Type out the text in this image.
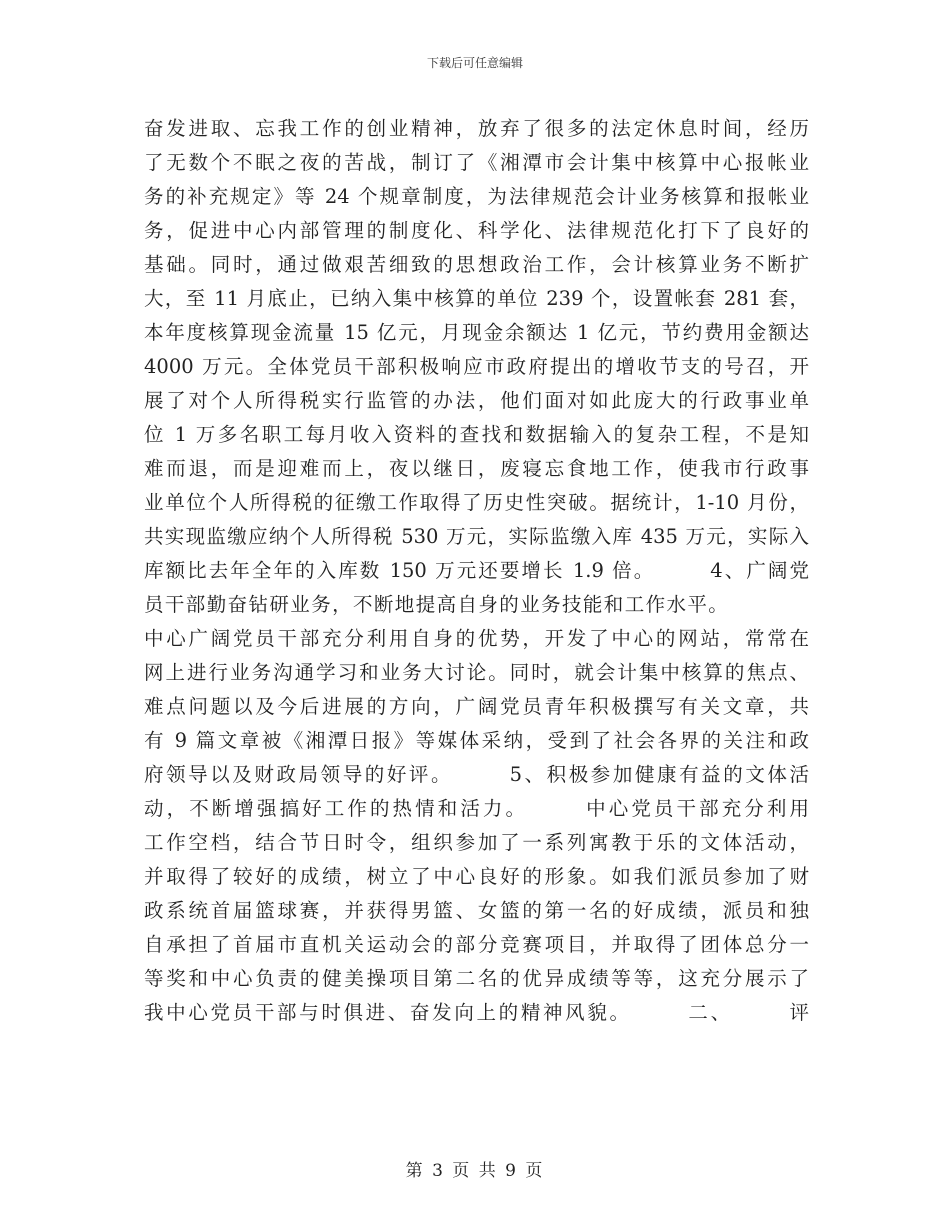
下载后可任意编辑
奋发进取、忘我工作的创业精神，放弃了很多的法定休息时间，经历
了无数个不眠之夜的苦战，制订了《湘潭市会计集中核算中心报帐业
务的补充规定》等 24 个规章制度，为法律规范会计业务核算和报帐业
务，促进中心内部管理的制度化、科学化、法律规范化打下了良好的
基础。同时，通过做艰苦细致的思想政治工作，会计核算业务不断扩
大，至 11 月底止，已纳入集中核算的单位 239 个，设置帐套 281 套，
本年度核算现金流量 15 亿元，月现金余额达 1 亿元，节约费用金额达
4000 万元。全体党员干部积极响应市政府提出的增收节支的号召，开
展了对个人所得税实行监管的办法，他们面对如此庞大的行政事业单
位 1 万多名职工每月收入资料的查找和数据输入的复杂工程，不是知
难而退，而是迎难而上，夜以继日，废寝忘食地工作，使我市行政事
业单位个人所得税的征缴工作取得了历史性突破。据统计，1-10 月份，
共实现监缴应纳个人所得税 530 万元，实际监缴入库 435 万元，实际入
库额比去年全年的入库数 150 万元还要增长 1.9 倍。　　　4、广阔党
员干部勤奋钻研业务，不断地提高自身的业务技能和工作水平。
中心广阔党员干部充分利用自身的优势，开发了中心的网站，常常在
网上进行业务沟通学习和业务大讨论。同时，就会计集中核算的焦点、
难点问题以及今后进展的方向，广阔党员青年积极撰写有关文章，共
有 9 篇文章被《湘潭日报》等媒体采纳，受到了社会各界的关注和政
府领导以及财政局领导的好评。　　　5、积极参加健康有益的文体活
动，不断增强搞好工作的热情和活力。　　　中心党员干部充分利用
工作空档，结合节日时令，组织参加了一系列寓教于乐的文体活动，
并取得了较好的成绩，树立了中心良好的形象。如我们派员参加了财
政系统首届篮球赛，并获得男篮、女篮的第一名的好成绩，派员和独
自承担了首届市直机关运动会的部分竞赛项目，并取得了团体总分一
等奖和中心负责的健美操项目第二名的优异成绩等等，这充分展示了
我中心党员干部与时俱进、奋发向上的精神风貌。　　　二、　　　评
第 3 页 共 9 页
